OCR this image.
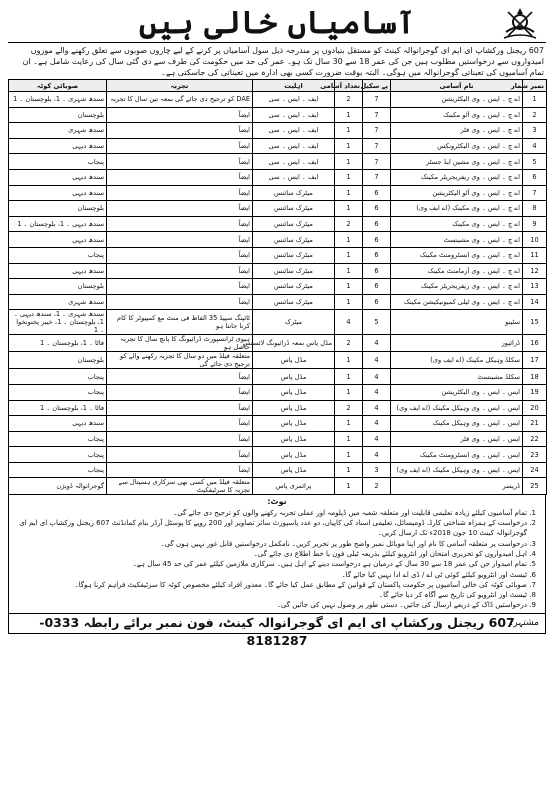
آسامیاں خالی ہیں
607 ریجنل ورکشاپ ای ایم ای گوجرانوالہ کینٹ کو مستقل بنیادوں پر مندرجہ ذیل سول آسامیاں پر کرنے کے لیے چاروں صوبوں سے تعلق رکھنے والے موزوں امیدواروں سے درخواستیں مطلوب ہیں جن کی عمر 18 سے 30 سال تک ہو۔ عمر کی حد میں حکومت کی طرف سے دی گئی سال کی رعایت شامل ہے۔ ان تمام آسامیوں کی تعیناتی گوجرانوالہ میں ہوگی۔ البتہ بوقت ضرورت کسی بھی ادارہ میں تعیناتی کی جاسکتی ہے۔
نمبر شمار	نام آسامی	پے سکیل	تعداد آسامی	اہلیت	تجربہ	صوبائی کوٹہ
1	اے چ ۔ ایس ۔ وی الیکٹریشن	7	2	ایف ۔ ایس ۔ سی	DAE کو ترجیح دی جائے گی بمعہ تین سال کا تجربہ	سندھ شہری ۔ 1، بلوچستان ۔ 1
2	اے چ ۔ ایس ۔ وی آٹو مکینک	7	1	ایف ۔ ایس ۔ سی	ایضاً	بلوچستان
3	اے چ ۔ ایس ۔ وی فٹر	7	1	ایف ۔ ایس ۔ سی	ایضاً	سندھ شہری
4	اے چ ۔ ایس ۔ وی الیکٹرونکس	7	1	ایف ۔ ایس ۔ سی	ایضاً	سندھ دیہی
5	اے چ ۔ ایس ۔ وی مشین ایڈ جسٹر	7	1	ایف ۔ ایس ۔ سی	ایضاً	پنجاب
6	اے چ ۔ ایس ۔ وی ریفریجریٹر مکینک	7	1	ایف ۔ ایس ۔ سی	ایضاً	سندھ دیہی
7	اے چ ۔ ایس ۔ وی آٹو الیکٹریشن	6	1	میٹرک سائنس	ایضاً	سندھ دیہی
8	اے چ ۔ ایس ۔ وی مکینک (اے ایف وی)	6	1	میٹرک سائنس	ایضاً	بلوچستان
9	اے چ ۔ ایس ۔ وی مکینک	6	2	میٹرک سائنس	ایضاً	سندھ دیہی ۔ 1، بلوچستان ۔ 1
10	اے چ ۔ ایس ۔ وی مشینسٹ	6	1	میٹرک سائنس	ایضاً	سندھ دیہی
11	اے چ ۔ ایس ۔ وی انسٹرومنٹ مکینک	6	1	میٹرک سائنس	ایضاً	پنجاب
12	اے چ ۔ ایس ۔ وی آرمامنٹ مکینک	6	1	میٹرک سائنس	ایضاً	سندھ دیہی
13	اے چ ۔ ایس ۔ وی ریفریجریٹر مکینک	6	1	میٹرک سائنس	ایضاً	بلوچستان
14	اے چ ۔ ایس ۔ وی ٹیلی کمیونیکیشن مکینک	6	1	میٹرک سائنس	ایضاً	سندھ شہری
15	سٹینو	5	4	میٹرک	ٹائپنگ سپیڈ 35 الفاظ فی منٹ مع کمپیوٹر کا کام کرنا جانتا ہو	سندھ شہری ۔ 1، سندھ دیہی ۔ 1، بلوچستان ۔ 1، خیبر پختونخوا ۔ 1
16	ڈرائیور	4	2	مڈل پاس بمعہ ڈرائیونگ لائسنس	ہیوی ٹرانسپورٹ ڈرائیونگ کا پانچ سال کا تجربہ حاصل ہو	فاٹا ۔ 1، بلوچستان ۔ 1
17	سکلڈ وہیکل مکینک (اے ایف وی)	4	1	مڈل پاس	متعلقہ فیلڈ میں دو سال کا تجربہ رکھنے والے کو ترجیح دی جائے گی	بلوچستان
18	سکلڈ مشینسٹ	4	1	مڈل پاس	ایضاً	پنجاب
19	ایس ۔ ایس ۔ وی الیکٹریشن	4	1	مڈل پاس	ایضاً	پنجاب
20	ایس ۔ ایس ۔ وی وہیکل مکینک (اے ایف وی)	4	2	مڈل پاس	ایضاً	فاٹا ۔ 1، بلوچستان ۔ 1
21	ایس ۔ ایس ۔ وی وہیکل مکینک	4	1	مڈل پاس	ایضاً	سندھ دیہی
22	ایس ۔ ایس ۔ وی فٹر	4	1	مڈل پاس	ایضاً	پنجاب
23	ایس ۔ ایس ۔ وی انسٹرومنٹ مکینک	4	1	مڈل پاس	ایضاً	پنجاب
24	ایس ۔ ایس ۔ وی وہیکل مکینک (اے ایف وی)	3	1	مڈل پاس	ایضاً	پنجاب
25	ڈریسر	2	1	پرائمری پاس	متعلقہ فیلڈ میں کسی بھی سرکاری ہسپتال سے تجربہ کا سرٹیفکیٹ	گوجرانوالہ ڈویژن
نوٹ:
1. تمام آسامیوں کیلئے زیادہ تعلیمی قابلیت اور متعلقہ شعبہ میں ڈپلومہ اور عملی تجربہ رکھنے والوں کو ترجیح دی جائے گی۔
2. درخواست کے ہمراہ شناختی کارڈ، ڈومیسائل، تعلیمی اسناد کی کاپیاں، دو عدد پاسپورٹ سائز تصاویر اور 200 روپے کا پوسٹل آرڈر بنام کمانڈنٹ 607 ریجنل ورکشاپ ای ایم ای گوجرانوالہ کینٹ 10 جون 2018ء تک ارسال کریں۔
3. درخواست پر متعلقہ آسامی کا نام اور اپنا موبائل نمبر واضح طور پر تحریر کریں۔ نامکمل درخواستیں قابل غور نہیں ہوں گی۔
4. اہل امیدواروں کو تحریری امتحان اور انٹرویو کیلئے بذریعہ ٹیلی فون یا خط اطلاع دی جائے گی۔
5. تمام امیدوار جن کی عمر 18 سے 30 سال کے درمیان ہے درخواست دینے کے اہل ہیں۔ سرکاری ملازمین کیلئے عمر کی حد 45 سال ہے۔
6. ٹیسٹ اور انٹرویو کیلئے کوئی ٹی اے / ڈی اے ادا نہیں کیا جائے گا۔
7. صوبائی کوٹہ کی خالی آسامیوں پر حکومت پاکستان کے قوانین کے مطابق عمل کیا جائے گا۔ معذور افراد کیلئے مخصوص کوٹہ کا سرٹیفکیٹ فراہم کرنا ہوگا۔
8. ٹیسٹ اور انٹرویو کی تاریخ سے آگاہ کر دیا جائے گا۔
9. درخواستیں ڈاک کے ذریعے ارسال کی جائیں۔ دستی طور پر وصول نہیں کی جائیں گی۔
مشتہر:
607 ریجنل ورکشاپ ای ایم ای گوجرانوالہ کینٹ، فون نمبر برائے رابطہ 0333-8181287
